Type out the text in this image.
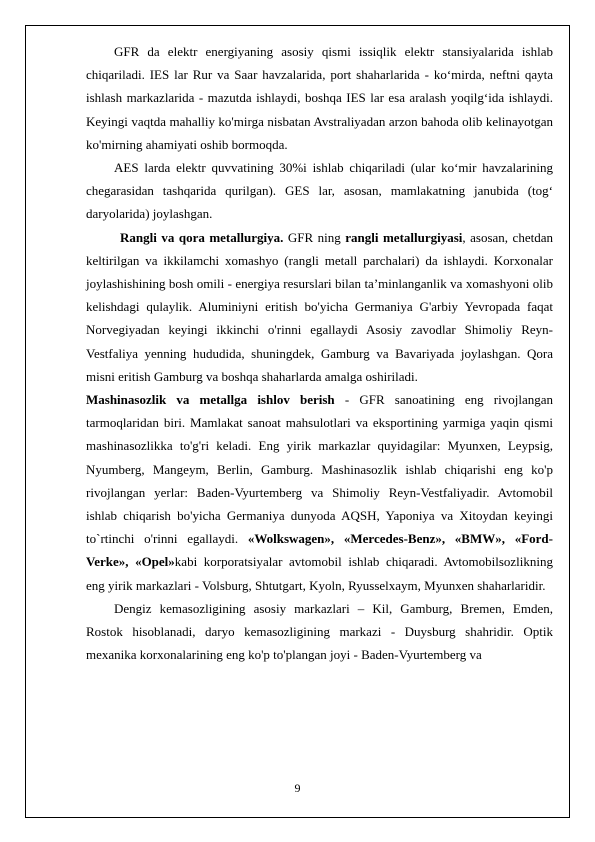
GFR da elektr energiyaning asosiy qismi issiqlik elektr stansiyalarida ishlab chiqariladi. IES lar Rur va Saar havzalarida, port shaharlarida - ko‘mirda, neftni qayta ishlash markazlarida - mazutda ishlaydi, boshqa IES lar esa aralash yoqilg‘ida ishlaydi. Keyingi vaqtda mahalliy ko'mirga nisbatan Avstraliyadan arzon bahoda olib kelinayotgan ko'mirning ahamiyati oshib bormoqda.

AES larda elektr quvvatining 30%i ishlab chiqariladi (ular ko‘mir havzalarining chegarasidan tashqarida qurilgan). GES lar, asosan, mamlakatning janubida (tog‘ daryolarida) joylashgan.

Rangli va qora metallurgiya. GFR ning rangli metallurgiyasi, asosan, chetdan keltirilgan va ikkilamchi xomashyo (rangli metall parchalari) da ishlaydi. Korxonalar joylashishining bosh omili - energiya resurslari bilan ta’minlanganlik va xomashyoni olib kelishdagi qulaylik. Aluminiyni eritish bo'yicha Germaniya G'arbiy Yevropada faqat Norvegiyadan keyingi ikkinchi o'rinni egallaydi Asosiy zavodlar Shimoliy Reyn-Vestfaliya yenning hududida, shuningdek, Gamburg va Bavariyada joylashgan. Qora misni eritish Gamburg va boshqa shaharlarda amalga oshiriladi.

Mashinasozlik va metallga ishlov berish - GFR sanoatining eng rivojlangan tarmoqlaridan biri. Mamlakat sanoat mahsulotlari va eksportining yarmiga yaqin qismi mashinasozlikka to'g'ri keladi. Eng yirik markazlar quyidagilar: Myunxen, Leypsig, Nyumberg, Mangeym, Berlin, Gamburg. Mashinasozlik ishlab chiqarishi eng ko'p rivojlangan yerlar: Baden-Vyurtemberg va Shimoliy Reyn-Vestfaliyadir. Avtomobil ishlab chiqarish bo'yicha Germaniya dunyoda AQSH, Yaponiya va Xitoydan keyingi to`rtinchi o'rinni egallaydi. «Wolkswagen», «Mercedes-Benz», «BMW», «Ford-Verke», «Opel»kabi korporatsiyalar avtomobil ishlab chiqaradi. Avtomobilsozlikning eng yirik markazlari - Volsburg, Shtutgart, Kyoln, Ryusselxaym, Myunxen shaharlaridir.

Dengiz kemasozligining asosiy markazlari – Kil, Gamburg, Bremen, Emden, Rostok hisoblanadi, daryo kemasozligining markazi - Duysburg shahridir. Optik mexanika korxonalarining eng ko'p to'plangan joyi - Baden-Vyurtemberg va

9
